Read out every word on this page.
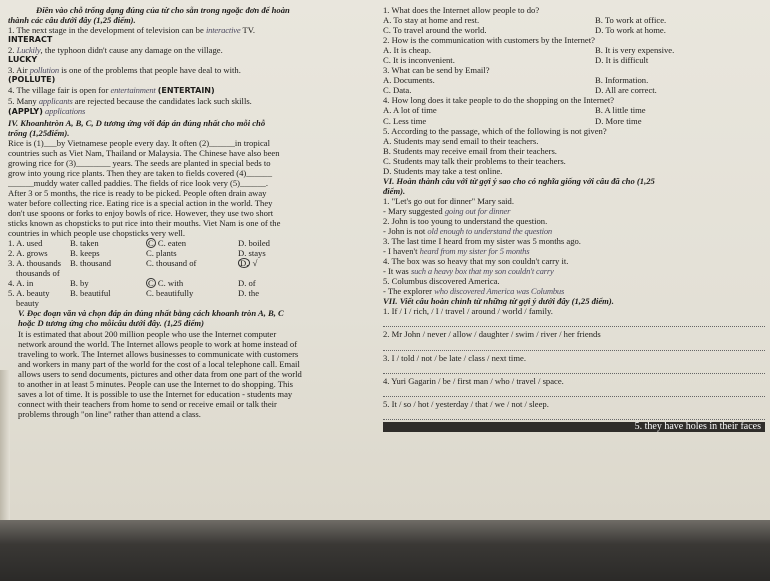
Điền vào chỗ trống dạng đúng của từ cho sẵn trong ngoặc đơn để hoàn
thành các câu dưới đây (1,25 điểm).
1. The next stage in the development of television can be interactive TV.
INTERACT
2. Luckily, the typhoon didn't cause any damage on the village.
LUCKY
3. Air pollution is one of the problems that people have deal to with.
(POLLUTE)
4. The village fair is open for entertainment (ENTERTAIN)
5. Many applicants are rejected because the candidates lack such skills.
(APPLY) applications
IV. Khoanhtròn A, B, C, D tương ứng với đáp án đúng nhất cho mỗi chỗ
trống (1,25điểm).
Rice is (1)___by Vietnamese people every day. It often (2)______in tropical
countries such as Viet Nam, Thailand or Malaysia. The Chinese have also been
growing rice for (3)________ years. The seeds are planted in special beds to
grow into young rice plants. Then they are taken to fields covered (4)______
______muddy water called paddies. The fields of rice look very (5)______.
After 3 or 5 months, the rice is ready to be picked. People often drain away
water before collecting rice. Eating rice is a special action in the world. They
don't use spoons or forks to enjoy bowls of rice. However, they use two short
sticks known as chopsticks to put rice into their mouths. Viet Nam is one of the
countries in which people use chopsticks very well.
1. A. used	B. taken	C C. eaten	D. boiled
2. A. grows	B. keeps	C. plants	D. stays
3. A. thousands	B. thousand	C. thousand of	D. √
thousands of
4. A. in	B. by	C C. with	D. of
5. A. beauty	B. beautiful	C. beautifully	D. the
beauty
V. Đọc đoạn văn và chọn đáp án đúng nhất bằng cách khoanh tròn A, B, C
hoặc D tương ứng cho mỗicâu dưới đây. (1,25 điểm)
It is estimated that about 200 million people who use the Internet computer
network around the world. The Internet allows people to work at home instead of
traveling to work. The Internet allows businesses to communicate with customers
and workers in many part of the world for the cost of a local telephone call. Email
allows users to send documents, pictures and other data from one part of the world
to another in at least 5 minutes. People can use the Internet to do shopping. This
saves a lot of time. It is possible to use the Internet for education - students may
connect with their teachers from home to send or receive email or talk their
problems through "on line" rather than attend a class.
1. What does the Internet allow people to do?
A. To stay at home and rest.	B. To work at office.
C. To travel around the world.	D. To work at home.
2. How is the communication with customers by the Internet?
A. It is cheap.	B. It is very expensive.
C. It is inconvenient.	D. It is difficult
3. What can be send by Email?
A. Documents.	B. Information.
C. Data.	D. All are correct.
4. How long does it take people to do the shopping on the Internet?
A. A lot of time	B. A little time
C. Less time	D. More time
5. According to the passage, which of the following is not given?
A. Students may send email to their teachers.
B. Students may receive email from their teachers.
C. Students may talk their problems to their teachers.
D. Students may take a test online.
VI. Hoàn thành câu với từ gợi ý sao cho có nghĩa giống với câu đã cho (1,25
điểm).
1. "Let's go out for dinner" Mary said.
- Mary suggested going out for dinner
2. John is too young to understand the question.
- John is not old enough to understand the question
3. The last time I heard from my sister was 5 months ago.
- I haven't heard from my sister for 5 months
4. The box was so heavy that my son couldn't carry it.
- It was such a heavy box that my son couldn't carry
5. Columbus discovered America.
- The explorer who discovered America was Columbus
VII. Viết câu hoàn chỉnh từ những từ gợi ý dưới đây (1,25 điểm).
1. If / I / rich, / I / travel / around / world / family.
2. Mr John / never / allow / daughter / swim / river / her friends
3. I / told / not / be late / class / next time.
4. Yuri Gagarin / be / first man / who / travel / space.
5. It / so / hot / yesterday / that / we / not / sleep.
5. they have holes in their faces
